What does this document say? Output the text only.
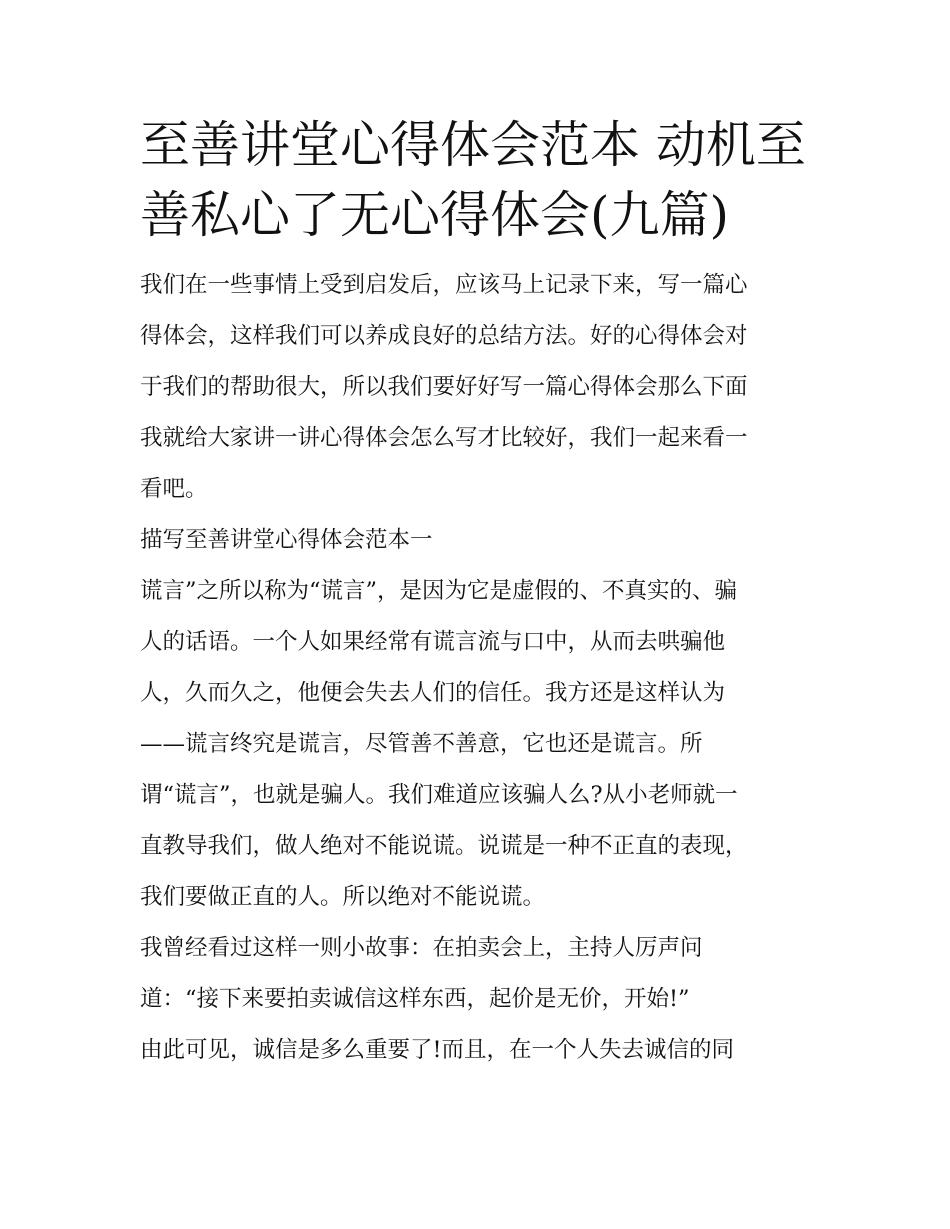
至善讲堂心得体会范本 动机至
善私心了无心得体会(九篇)

我们在一些事情上受到启发后，应该马上记录下来，写一篇心
得体会，这样我们可以养成良好的总结方法。好的心得体会对
于我们的帮助很大，所以我们要好好写一篇心得体会那么下面
我就给大家讲一讲心得体会怎么写才比较好，我们一起来看一
看吧。

描写至善讲堂心得体会范本一

谎言”之所以称为“谎言”，是因为它是虚假的、不真实的、骗
人的话语。一个人如果经常有谎言流与口中，从而去哄骗他
人，久而久之，他便会失去人们的信任。我方还是这样认为
——谎言终究是谎言，尽管善不善意，它也还是谎言。所
谓“谎言”，也就是骗人。我们难道应该骗人么?从小老师就一
直教导我们，做人绝对不能说谎。说谎是一种不正直的表现，
我们要做正直的人。所以绝对不能说谎。

我曾经看过这样一则小故事：在拍卖会上，主持人厉声问
道：“接下来要拍卖诚信这样东西，起价是无价，开始!”

由此可见，诚信是多么重要了!而且，在一个人失去诚信的同
